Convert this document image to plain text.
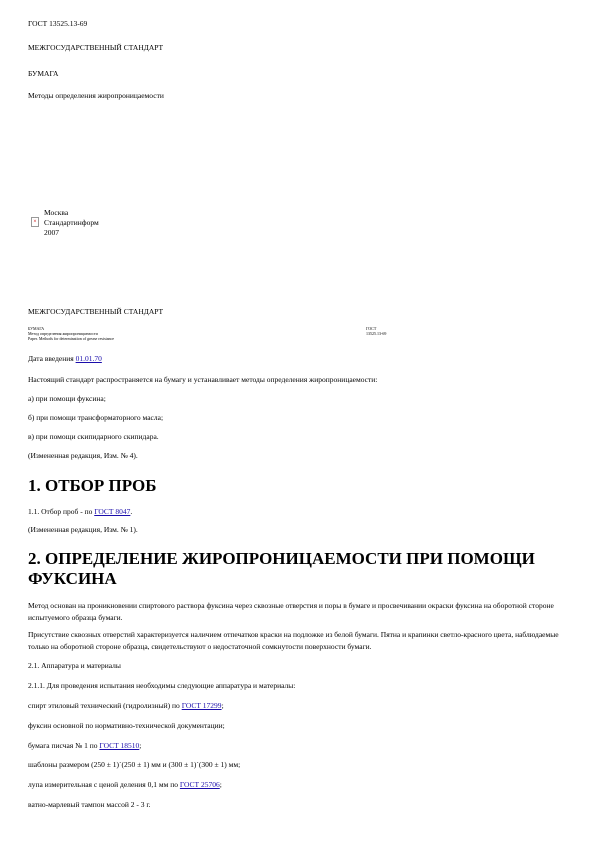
ГОСТ 13525.13-69
МЕЖГОСУДАРСТВЕННЫЙ СТАНДАРТ
БУМАГА
Методы определения жиропроницаемости
×
Москва
Стандартинформ
2007
МЕЖГОСУДАРСТВЕННЫЙ СТАНДАРТ
БУМАГА
Метод определения жиропроницаемости
Paper. Methods for determination of grease resistance
ГОСТ
13525.13-69
Дата введения 01.01.70
Настоящий стандарт распространяется на бумагу и устанавливает методы определения жиропроницаемости:
а) при помощи фуксина;
б) при помощи трансформаторного масла;
в) при помощи скипидарного скипидара.
(Измененная редакция, Изм. № 4).
1. ОТБОР ПРОБ
1.1. Отбор проб - по ГОСТ 8047.
(Измененная редакция, Изм. № 1).
2. ОПРЕДЕЛЕНИЕ ЖИРОПРОНИЦАЕМОСТИ ПРИ ПОМОЩИ ФУКСИНА
Метод основан на проникновении спиртового раствора фуксина через сквозные отверстия и поры в бумаге и просвечивании окраски фуксина на оборотной стороне испытуемого образца бумаги.
Присутствие сквозных отверстий характеризуется наличием отпечатков краски на подложке из белой бумаги. Пятна и крапинки светло-красного цвета, наблюдаемые только на оборотной стороне образца, свидетельствуют о недостаточной сомкнутости поверхности бумаги.
2.1. Аппаратура и материалы
2.1.1. Для проведения испытания необходимы следующие аппаратура и материалы:
спирт этиловый технический (гидролизный) по ГОСТ 17299;
фуксин основной по нормативно-технической документации;
бумага писчая № 1 по ГОСТ 18510;
шаблоны размером (250 ± 1)´(250 ± 1) мм и (300 ± 1)´(300 ± 1) мм;
лупа измерительная с ценой деления 0,1 мм по ГОСТ 25706;
ватно-марлевый тампон массой 2 - 3 г.
